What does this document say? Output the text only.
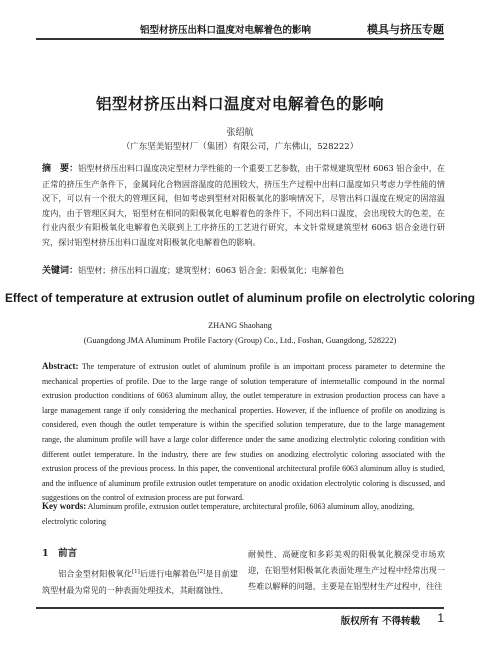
铝型材挤压出料口温度对电解着色的影响	模具与挤压专题
铝型材挤压出料口温度对电解着色的影响
张绍航
（广东坚美铝型材厂（集团）有限公司，广东佛山，528222）
摘　要：铝型材挤压出料口温度决定型材力学性能的一个重要工艺参数，由于常规建筑型材 6063 铝合金中，在正常的挤压生产条件下，金属间化合物固溶温度的范围较大，挤压生产过程中出料口温度如只考虑力学性能的情况下，可以有一个很大的管理区间，但如考虑到型材对阳极氧化的影响情况下，尽管出料口温度在规定的固溶温度内，由于管理区间大，铝型材在相同的阳极氧化电解着色的条件下，不同出料口温度，会出现较大的色差，在行业内很少有阳极氧化电解着色关联到上工序挤压的工艺进行研究，本文针常规建筑型材 6063 铝合金进行研究，探讨铝型材挤压出料口温度对阳极氧化电解着色的影响。
关键词：铝型材；挤压出料口温度；建筑型材；6063 铝合金；阳极氧化；电解着色
Effect of temperature at extrusion outlet of aluminum profile on electrolytic coloring
ZHANG Shaohang
(Guangdong JMA Aluminum Profile Factory (Group) Co., Ltd., Foshan, Guangdong, 528222)
Abstract: The temperature of extrusion outlet of aluminum profile is an important process parameter to determine the mechanical properties of profile. Due to the large range of solution temperature of intermetallic compound in the normal extrusion production conditions of 6063 aluminum alloy, the outlet temperature in extrusion production process can have a large management range if only considering the mechanical properties. However, if the influence of profile on anodizing is considered, even though the outlet temperature is within the specified solution temperature, due to the large management range, the aluminum profile will have a large color difference under the same anodizing electrolytic coloring condition with different outlet temperature. In the industry, there are few studies on anodizing electrolytic coloring associated with the extrusion process of the previous process. In this paper, the conventional architectural profile 6063 aluminum alloy is studied, and the influence of aluminum profile extrusion outlet temperature on anodic oxidation electrolytic coloring is discussed, and suggestions on the control of extrusion process are put forward.
Key words: Aluminum profile, extrusion outlet temperature, architectural profile, 6063 aluminum alloy, anodizing, electrolytic coloring
1　前言
铝合金型材阳极氧化[1]后进行电解着色[2]是目前建筑型材最为常见的一种表面处理技术，其耐腐蚀性、
耐候性、高硬度和多彩美观的阳极氧化膜深受市场欢迎，在铝型材阳极氧化表面处理生产过程中经常出现一些难以解释的问题，主要是在铝型材生产过程中，往往
版权所有 不得转载 1
